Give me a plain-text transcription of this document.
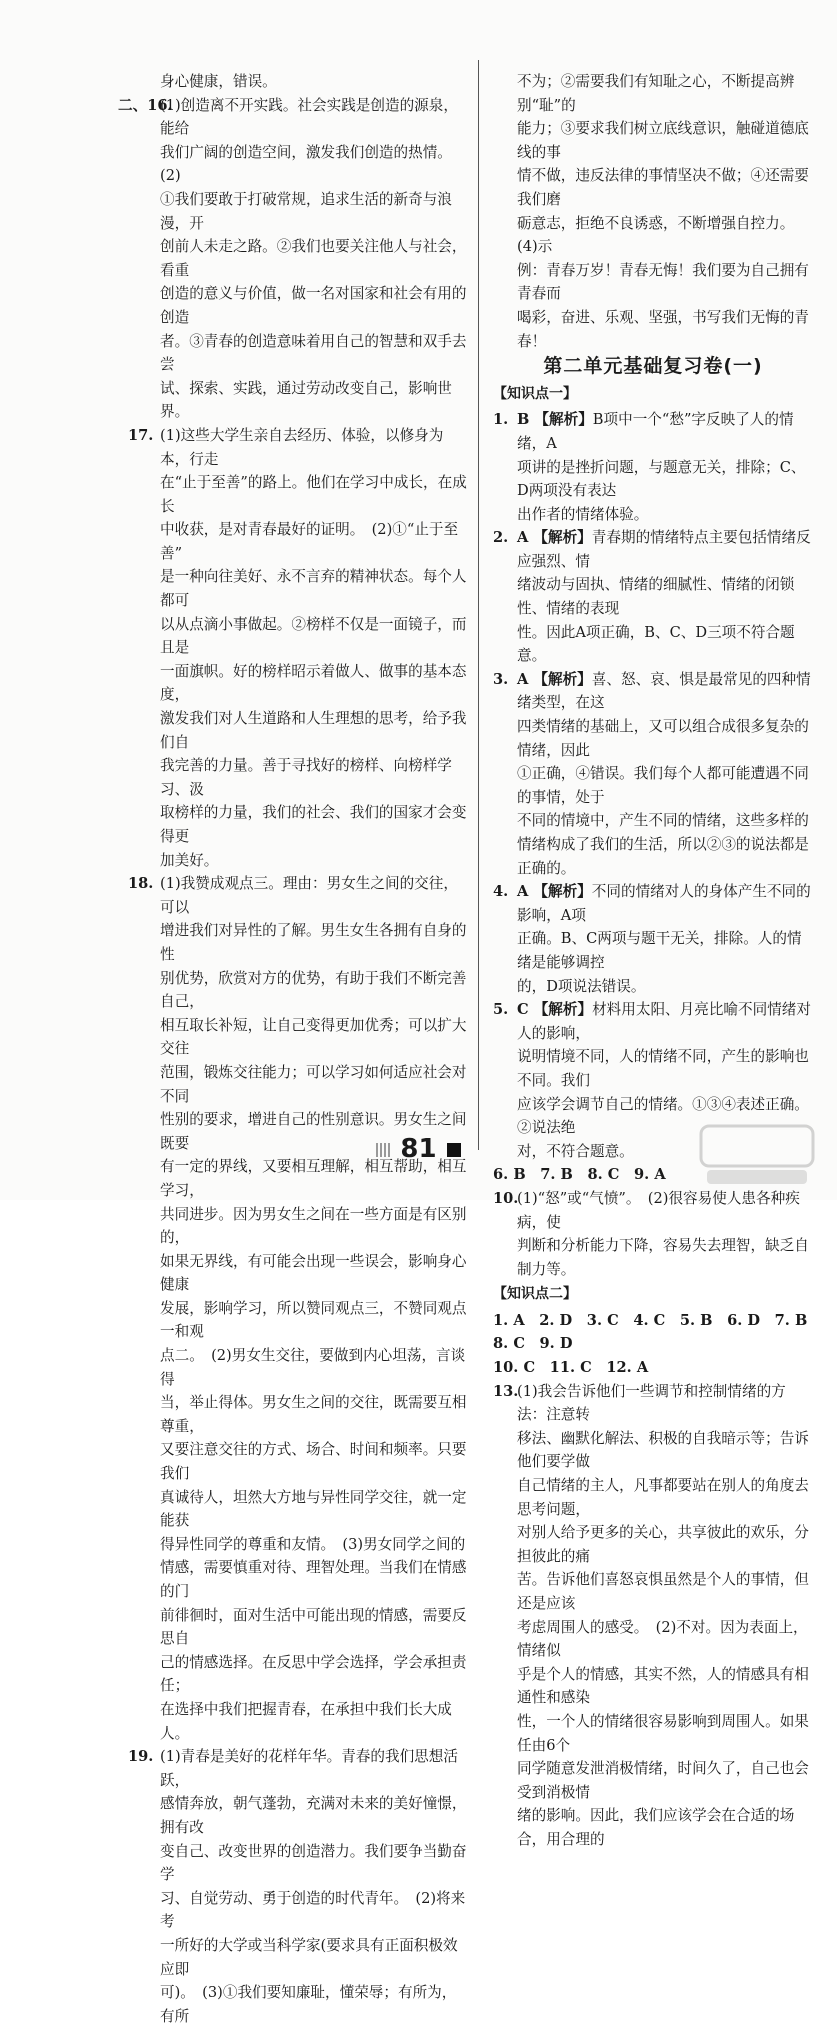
身心健康，错误。

二、16.
(1)创造离不开实践。社会实践是创造的源泉，能给
我们广阔的创造空间，激发我们创造的热情。　(2)
①我们要敢于打破常规，追求生活的新奇与浪漫，开
创前人未走之路。②我们也要关注他人与社会，看重
创造的意义与价值，做一名对国家和社会有用的创造
者。③青春的创造意味着用自己的智慧和双手去尝
试、探索、实践，通过劳动改变自己，影响世界。
17. (1)这些大学生亲自去经历、体验，以修身为本，行走
在“止于至善”的路上。他们在学习中成长，在成长
中收获，是对青春最好的证明。　(2)①“止于至善”
是一种向往美好、永不言弃的精神状态。每个人都可
以从点滴小事做起。②榜样不仅是一面镜子，而且是
一面旗帜。好的榜样昭示着做人、做事的基本态度，
激发我们对人生道路和人生理想的思考，给予我们自
我完善的力量。善于寻找好的榜样、向榜样学习、汲
取榜样的力量，我们的社会、我们的国家才会变得更
加美好。
18. (1)我赞成观点三。理由：男女生之间的交往，可以
增进我们对异性的了解。男生女生各拥有自身的性
别优势，欣赏对方的优势，有助于我们不断完善自己，
相互取长补短，让自己变得更加优秀；可以扩大交往
范围，锻炼交往能力；可以学习如何适应社会对不同
性别的要求，增进自己的性别意识。男女生之间既要
有一定的界线，又要相互理解，相互帮助，相互学习，
共同进步。因为男女生之间在一些方面是有区别的，
如果无界线，有可能会出现一些误会，影响身心健康
发展，影响学习，所以赞同观点三，不赞同观点一和观
点二。　(2)男女生交往，要做到内心坦荡，言谈得
当，举止得体。男女生之间的交往，既需要互相尊重，
又要注意交往的方式、场合、时间和频率。只要我们
真诚待人，坦然大方地与异性同学交往，就一定能获
得异性同学的尊重和友情。　(3)男女同学之间的
情感，需要慎重对待、理智处理。当我们在情感的门
前徘徊时，面对生活中可能出现的情感，需要反思自
己的情感选择。在反思中学会选择，学会承担责任；
在选择中我们把握青春，在承担中我们长大成人。
19. (1)青春是美好的花样年华。青春的我们思想活跃，
感情奔放，朝气蓬勃，充满对未来的美好憧憬，拥有改
变自己、改变世界的创造潜力。我们要争当勤奋学
习、自觉劳动、勇于创造的时代青年。　(2)将来考
一所好的大学或当科学家(要求具有正面积极效应即
可)。　(3)①我们要知廉耻，懂荣辱；有所为，有所
不为；②需要我们有知耻之心，不断提高辨别“耻”的
能力；③要求我们树立底线意识，触碰道德底线的事
情不做，违反法律的事情坚决不做；④还需要我们磨
砺意志，拒绝不良诱惑，不断增强自控力。　(4)示
例：青春万岁！青春无悔！我们要为自己拥有青春而
喝彩，奋进、乐观、坚强，书写我们无悔的青春！
第二单元基础复习卷(一)
【知识点一】
1. B 【解析】B项中一个“愁”字反映了人的情绪，A
项讲的是挫折问题，与题意无关，排除；C、D两项没有表达
出作者的情绪体验。
2. A 【解析】青春期的情绪特点主要包括情绪反应强烈、情
绪波动与固执、情绪的细腻性、情绪的闭锁性、情绪的表现
性。因此A项正确，B、C、D三项不符合题意。
3. A 【解析】喜、怒、哀、惧是最常见的四种情绪类型，在这
四类情绪的基础上，又可以组合成很多复杂的情绪，因此
①正确，④错误。我们每个人都可能遭遇不同的事情，处于
不同的情境中，产生不同的情绪，这些多样的
情绪构成了我们的生活，所以②③的说法都是正确的。
4. A 【解析】不同的情绪对人的身体产生不同的影响，A项
正确。B、C两项与题干无关，排除。人的情绪是能够调控
的，D项说法错误。
5. C 【解析】材料用太阳、月亮比喻不同情绪对人的影响，
说明情境不同，人的情绪不同，产生的影响也不同。我们
应该学会调节自己的情绪。①③④表述正确。②说法绝
对，不符合题意。
6. B　7. B　8. C　9. A
10.
(1)“怒”或“气愤”。　(2)很容易使人患各种疾病，使
判断和分析能力下降，容易失去理智，缺乏自制力等。
【知识点二】
1. A　2. D　3. C　4. C　5. B　6. D　7. B　8. C　9. D
10. C　11. C　12. A
13.
(1)我会告诉他们一些调节和控制情绪的方法：注意转
移法、幽默化解法、积极的自我暗示等；告诉他们要学做
自己情绪的主人，凡事都要站在别人的角度去思考问题，
对别人给予更多的关心，共享彼此的欢乐，分担彼此的痛
苦。告诉他们喜怒哀惧虽然是个人的事情，但还是应该
考虑周围人的感受。　(2)不对。因为表面上，情绪似
乎是个人的情感，其实不然，人的情感具有相通性和感染
性，一个人的情绪很容易影响到周围人。如果任由6个
同学随意发泄消极情绪，时间久了，自己也会受到消极情
绪的影响。因此，我们应该学会在合适的场合，用合理的
81
